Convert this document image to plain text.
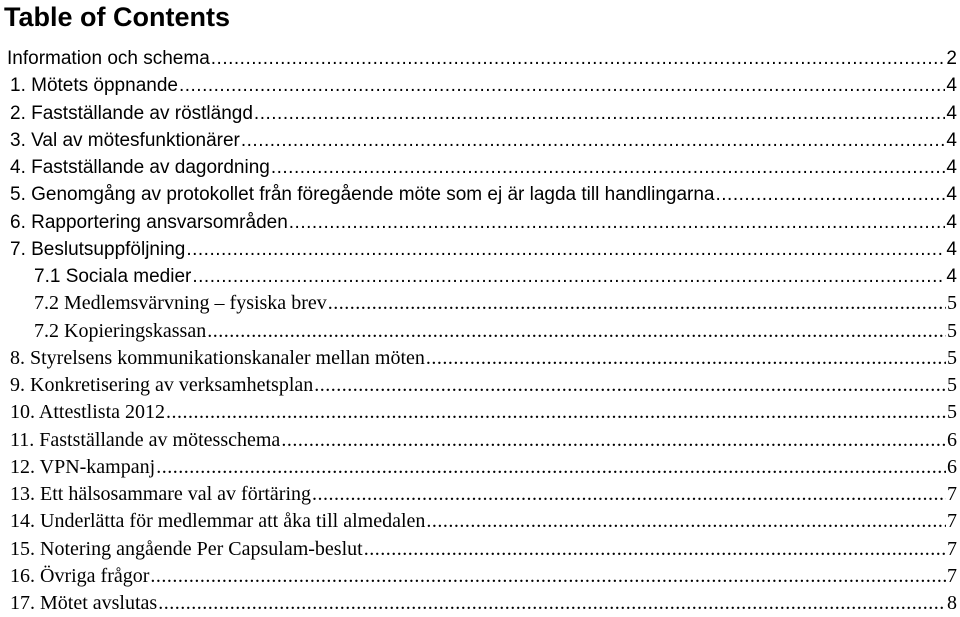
Table of Contents
Information och schema .....	2
1. Mötets öppnande .....	4
2. Fastställande av röstlängd .....	4
3. Val av mötesfunktionärer .....	4
4. Fastställande av dagordning .....	4
5. Genomgång av protokollet från föregående möte som ej är lagda till handlingarna .....	4
6. Rapportering ansvarsområden .....	4
7. Beslutsuppföljning .....	4
7.1 Sociala medier .....	4
7.2 Medlemsvärvning – fysiska brev .....	5
7.2 Kopieringskassan .....	5
8. Styrelsens kommunikationskanaler mellan möten .....	5
9. Konkretisering av verksamhetsplan .....	5
10. Attestlista 2012 .....	5
11. Fastställande av mötesschema .....	6
12. VPN-kampanj .....	6
13. Ett hälsosammare val av förtäring .....	7
14. Underlätta för medlemmar att åka till almedalen .....	7
15. Notering angående Per Capsulam-beslut .....	7
16. Övriga frågor .....	7
17. Mötet avslutas .....	8
